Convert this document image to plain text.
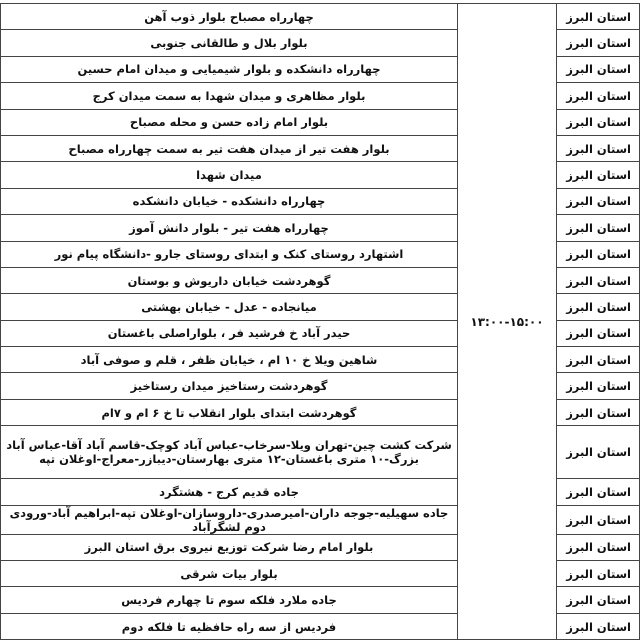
استان البرز	۱۳:۰۰-۱۵:۰۰	چهارراه مصباح بلوار ذوب آهن
استان البرز		بلوار بلال و طالقانی جنوبی
استان البرز		چهارراه دانشکده و بلوار شیمیایی و میدان امام حسین
استان البرز		بلوار مظاهری و میدان شهدا به سمت میدان کرج
استان البرز		بلوار امام زاده حسن و محله مصباح
استان البرز		بلوار هفت تیر از میدان هفت تیر به سمت چهارراه مصباح
استان البرز		میدان شهدا
استان البرز		چهارراه دانشکده - خیابان دانشکده
استان البرز		چهارراه هفت تیر - بلوار دانش آموز
استان البرز		اشتهارد روستای کنک و ابتدای روستای جارو -دانشگاه پیام نور
استان البرز		گوهردشت خیابان داریوش و بوستان
استان البرز		میانجاده - عدل - خیابان بهشتی
استان البرز		حیدر آباد خ فرشید فر ، بلواراصلی باغستان
استان البرز		شاهین ویلا خ ۱۰ ام ، خیابان ظفر ، قلم و صوفی آباد
استان البرز		گوهردشت رستاخیز میدان رستاخیز
استان البرز		گوهردشت ابتدای بلوار انقلاب تا خ ۶ ام و ۷ام
استان البرز		شرکت کشت چین-تهران ویلا-سرخاب-عباس آباد کوچک-قاسم آباد آقا-عباس آباد بزرگ-۱۰ متری باغستان-۱۲ متری بهارستان-دیبازر-معراج-اوغلان تپه
استان البرز		جاده قدیم کرج - هشتگرد
استان البرز		جاده سهیلیه-جوجه داران-امیرصدری-داروسازان-اوغلان تپه-ابراهیم آباد-ورودی دوم لشگرآباد
استان البرز		بلوار امام رضا شرکت توزیع نیروی برق استان البرز
استان البرز		بلوار بیات شرقی
استان البرز		جاده ملارد فلکه سوم تا چهارم فردیس
استان البرز		فردیس از سه راه حافظیه تا فلکه دوم
